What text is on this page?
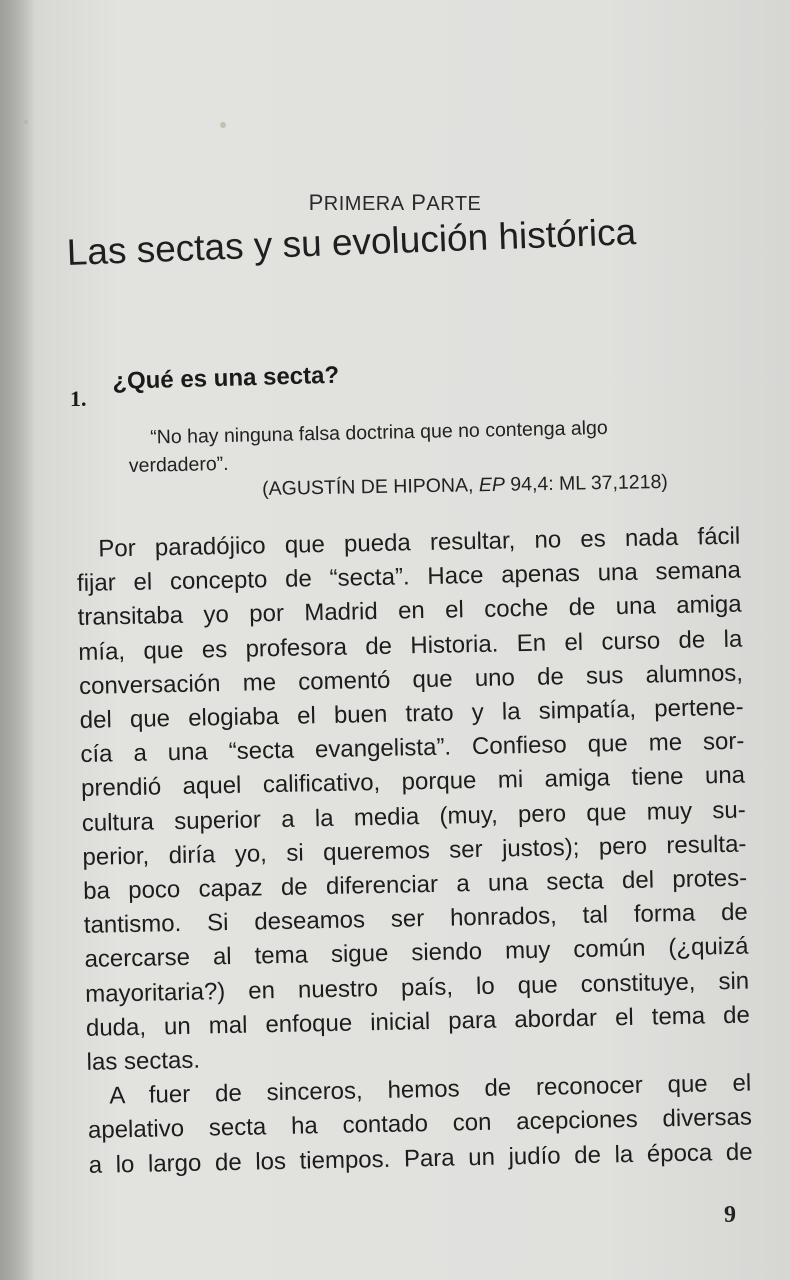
PRIMERA PARTE
Las sectas y su evolución histórica
1.
¿Qué es una secta?
“No hay ninguna falsa doctrina que no contenga algo
verdadero”.
(AGUSTÍN DE HIPONA, EP 94,4: ML 37,1218)
Por paradójico que pueda resultar, no es nada fácil
fijar el concepto de “secta”. Hace apenas una semana
transitaba yo por Madrid en el coche de una amiga
mía, que es profesora de Historia. En el curso de la
conversación me comentó que uno de sus alumnos,
del que elogiaba el buen trato y la simpatía, pertene-
cía a una “secta evangelista”. Confieso que me sor-
prendió aquel calificativo, porque mi amiga tiene una
cultura superior a la media (muy, pero que muy su-
perior, diría yo, si queremos ser justos); pero resulta-
ba poco capaz de diferenciar a una secta del protes-
tantismo. Si deseamos ser honrados, tal forma de
acercarse al tema sigue siendo muy común (¿quizá
mayoritaria?) en nuestro país, lo que constituye, sin
duda, un mal enfoque inicial para abordar el tema de
las sectas.
A fuer de sinceros, hemos de reconocer que el
apelativo secta ha contado con acepciones diversas
a lo largo de los tiempos. Para un judío de la época de
9
